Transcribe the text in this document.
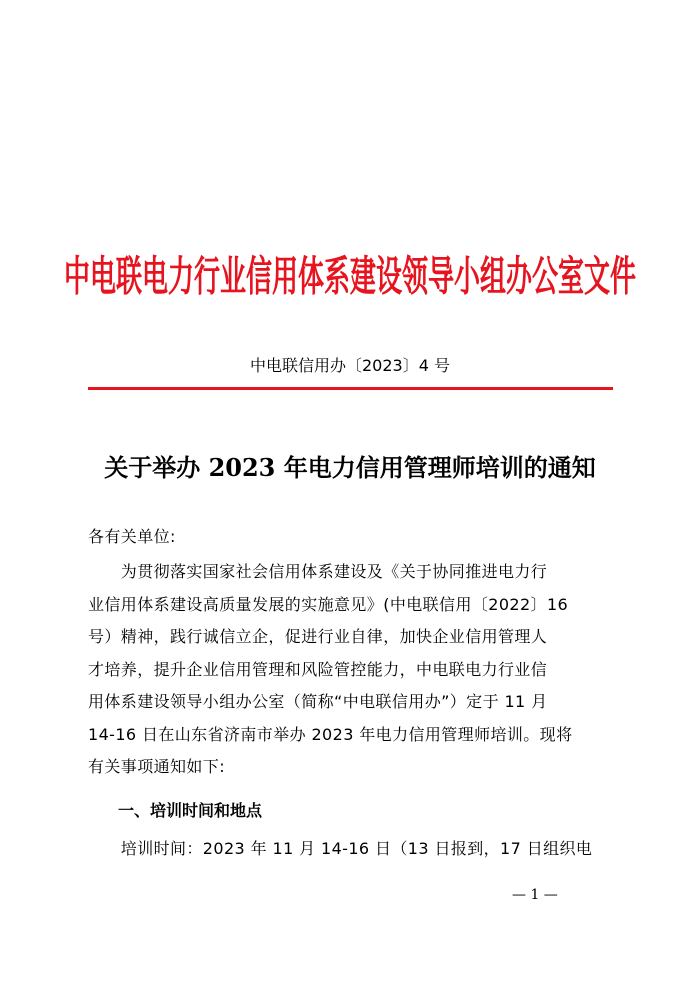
中电联电力行业信用体系建设领导小组办公室文件
中电联信用办〔2023〕4 号
关于举办 2023 年电力信用管理师培训的通知
各有关单位:
　　为贯彻落实国家社会信用体系建设及《关于协同推进电力行
业信用体系建设高质量发展的实施意见》(中电联信用〔2022〕16
号）精神，践行诚信立企，促进行业自律，加快企业信用管理人
才培养，提升企业信用管理和风险管控能力，中电联电力行业信
用体系建设领导小组办公室（简称“中电联信用办”）定于 11 月
14-16 日在山东省济南市举办 2023 年电力信用管理师培训。现将
有关事项通知如下:
一、培训时间和地点
　　培训时间：2023 年 11 月 14-16 日（13 日报到，17 日组织电
— 1 —
